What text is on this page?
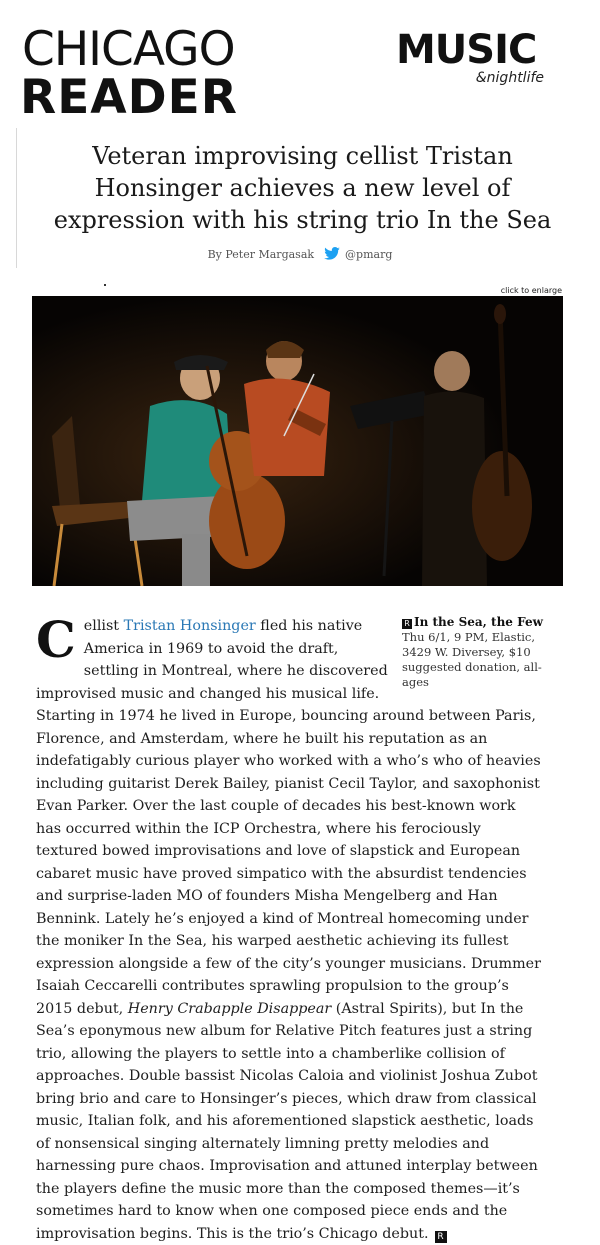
CHICAGO
READER
MUSIC
&nightlife
Veteran improvising cellist Tristan Honsinger achieves a new level of expression with his string trio In the Sea
By Peter Margasak	@pmarg
click to enlarge
R In the Sea, the Few
Thu 6/1, 9 PM, Elastic, 3429 W. Diversey, $10 suggested donation, all-ages

Cellist Tristan Honsinger fled his native America in 1969 to avoid the draft, settling in Montreal, where he discovered improvised music and changed his musical life. Starting in 1974 he lived in Europe, bouncing around between Paris, Florence, and Amsterdam, where he built his reputation as an indefatigably curious player who worked with a who’s who of heavies including guitarist Derek Bailey, pianist Cecil Taylor, and saxophonist Evan Parker. Over the last couple of decades his best-known work has occurred within the ICP Orchestra, where his ferociously textured bowed improvisations and love of slapstick and European cabaret music have proved simpatico with the absurdist tendencies and surprise-laden MO of founders Misha Mengelberg and Han Bennink. Lately he’s enjoyed a kind of Montreal homecoming under the moniker In the Sea, his warped aesthetic achieving its fullest expression alongside a few of the city’s younger musicians. Drummer Isaiah Ceccarelli contributes sprawling propulsion to the group’s 2015 debut, Henry Crabapple Disappear (Astral Spirits), but In the Sea’s eponymous new album for Relative Pitch features just a string trio, allowing the players to settle into a chamberlike collision of approaches. Double bassist Nicolas Caloia and violinist Joshua Zubot bring brio and care to Honsinger’s pieces, which draw from classical music, Italian folk, and his aforementioned slapstick aesthetic, loads of nonsensical singing alternately limning pretty melodies and harnessing pure chaos. Improvisation and attuned interplay between the players define the music more than the composed themes—it’s sometimes hard to know when one composed piece ends and the improvisation begins. This is the trio’s Chicago debut. R
